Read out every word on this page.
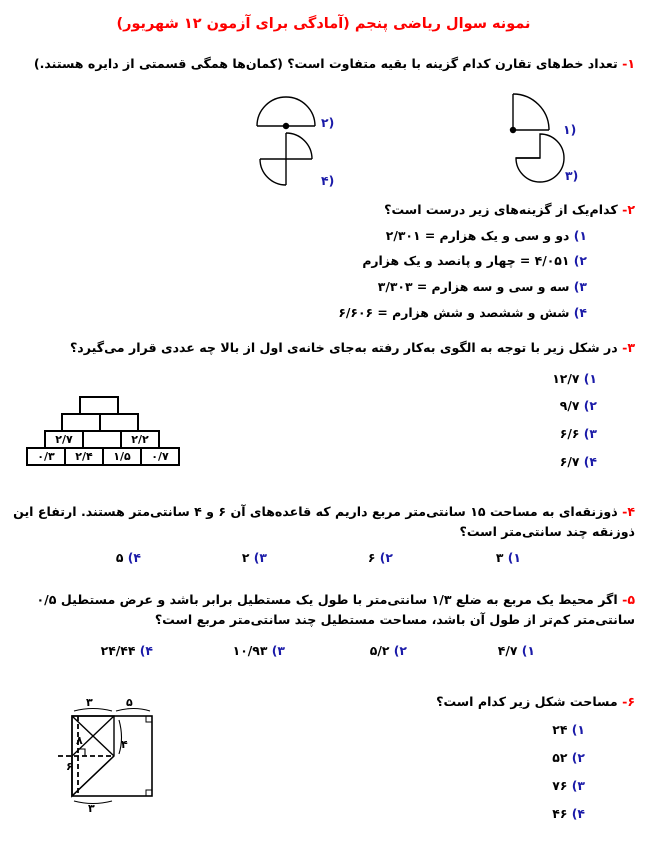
نمونه سوال ریاضی پنجم (آمادگی برای آزمون ۱۲ شهریور)
۱- تعداد خط‌های تقارن کدام گزینه با بقیه متفاوت است؟ (کمان‌ها همگی قسمتی از دایره هستند.)
(۱
(۲
(۳
(۴
۲- کدام‌یک از گزینه‌های زیر درست است؟
۱) دو و سی و یک هزارم = ۲/۳۰۱
۲) ۴/۰۵۱ = چهار و پانصد و یک هزارم
۳) سه و سی و سه هزارم = ۳/۳۰۳
۴) شش و ششصد و شش هزارم = ۶/۶۰۶
۳- در شکل زیر با توجه به الگوی به‌کار رفته به‌جای خانه‌ی اول از بالا چه عددی قرار می‌گیرد؟
۲/۲
۲/۷
۰/۷
۱/۵
۲/۴
۰/۳
۱) ۱۲/۷
۲) ۹/۷
۳) ۶/۶
۴) ۶/۷
۴- ذوزنقه‌ای به مساحت ۱۵ سانتی‌متر مربع داریم که قاعده‌های آن ۶ و ۴ سانتی‌متر هستند. ارتفاع این ذوزنقه چند سانتی‌متر است؟
۱) ۳
۲) ۶
۳) ۲
۴) ۵
۵- اگر محیط یک مربع به ضلع ۱/۳ سانتی‌متر با طول یک مستطیل برابر باشد و عرض مستطیل ۰/۵ سانتی‌متر کم‌تر از طول آن باشد، مساحت مستطیل چند سانتی‌متر مربع است؟
۱) ۴/۷
۲) ۵/۲
۳) ۱۰/۹۳
۴) ۲۴/۴۴
۶- مساحت شکل زیر کدام است؟
۱) ۲۴
۲) ۵۲
۳) ۷۶
۴) ۴۶
۳	۵
۸	۴
۶
۳
